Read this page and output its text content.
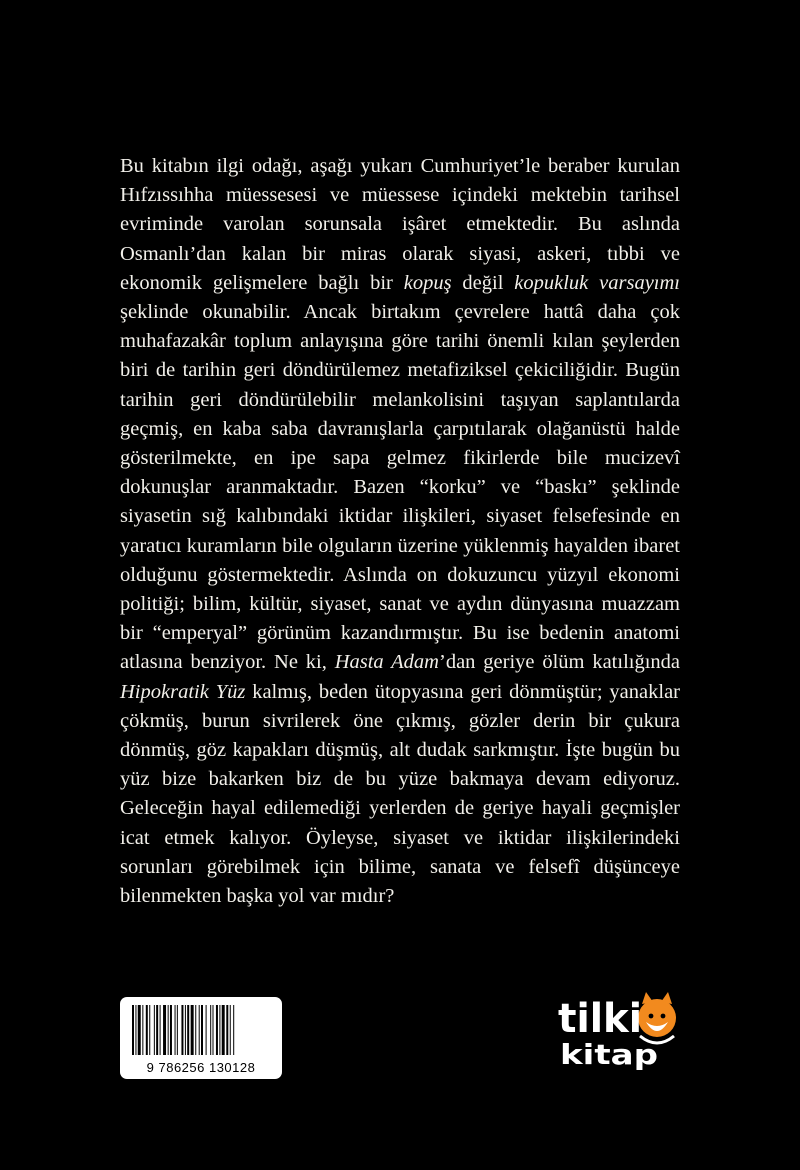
Bu kitabın ilgi odağı, aşağı yukarı Cumhuriyet’le beraber kurulan Hıfzıssıhha müessesesi ve müessese içindeki mektebin tarihsel evriminde varolan sorunsala işâret etmektedir. Bu aslında Osmanlı’dan kalan bir miras olarak siyasi, askeri, tıbbi ve ekonomik gelişmelere bağlı bir kopuş değil kopukluk varsayımı şeklinde okunabilir. Ancak birtakım çevrelere hattâ daha çok muhafazakâr toplum anlayışına göre tarihi önemli kılan şeylerden biri de tarihin geri döndürülemez metafiziksel çekiciliğidir. Bugün tarihin geri döndürülebilir melankolisini taşıyan saplantılarda geçmiş, en kaba saba davranışlarla çarpıtılarak olağanüstü halde gösterilmekte, en ipe sapa gelmez fikirlerde bile mucizevî dokunuşlar aranmaktadır. Bazen “korku” ve “baskı” şeklinde siyasetin sığ kalıbındaki iktidar ilişkileri, siyaset felsefesinde en yaratıcı kuramların bile olguların üzerine yüklenmiş hayalden ibaret olduğunu göstermektedir. Aslında on dokuzuncu yüzyıl ekonomi politiği; bilim, kültür, siyaset, sanat ve aydın dünyasına muazzam bir “emperyal” görünüm kazandırmıştır. Bu ise bedenin anatomi atlasına benziyor. Ne ki, Hasta Adam’dan geriye ölüm katılığında Hipokratik Yüz kalmış, beden ütopyasına geri dönmüştür; yanaklar çökmüş, burun sivrilerek öne çıkmış, gözler derin bir çukura dönmüş, göz kapakları düşmüş, alt dudak sarkmıştır. İşte bugün bu yüz bize bakarken biz de bu yüze bakmaya devam ediyoruz. Geleceğin hayal edilemediği yerlerden de geriye hayali geçmişler icat etmek kalıyor. Öyleyse, siyaset ve iktidar ilişkilerindeki sorunları görebilmek için bilime, sanata ve felsefî düşünceye bilenmekten başka yol var mıdır?

9 786256 130128
tilki
kitap
